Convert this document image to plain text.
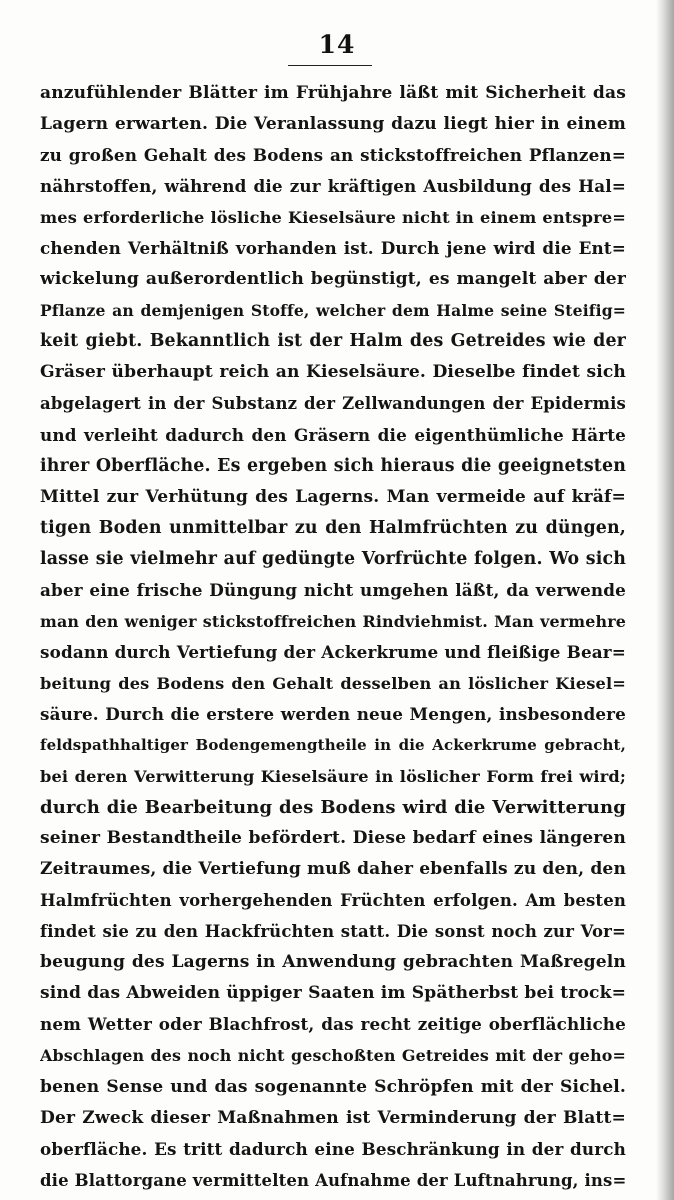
14
anzufühlender Blätter im Frühjahre läßt mit Sicherheit das
Lagern erwarten. Die Veranlassung dazu liegt hier in einem
zu großen Gehalt des Bodens an stickstoffreichen Pflanzen=
nährstoffen, während die zur kräftigen Ausbildung des Hal=
mes erforderliche lösliche Kieselsäure nicht in einem entspre=
chenden Verhältniß vorhanden ist. Durch jene wird die Ent=
wickelung außerordentlich begünstigt, es mangelt aber der
Pflanze an demjenigen Stoffe, welcher dem Halme seine Steifig=
keit giebt. Bekanntlich ist der Halm des Getreides wie der
Gräser überhaupt reich an Kieselsäure. Dieselbe findet sich
abgelagert in der Substanz der Zellwandungen der Epidermis
und verleiht dadurch den Gräsern die eigenthümliche Härte
ihrer Oberfläche. Es ergeben sich hieraus die geeignetsten
Mittel zur Verhütung des Lagerns. Man vermeide auf kräf=
tigen Boden unmittelbar zu den Halmfrüchten zu düngen,
lasse sie vielmehr auf gedüngte Vorfrüchte folgen. Wo sich
aber eine frische Düngung nicht umgehen läßt, da verwende
man den weniger stickstoffreichen Rindviehmist. Man vermehre
sodann durch Vertiefung der Ackerkrume und fleißige Bear=
beitung des Bodens den Gehalt desselben an löslicher Kiesel=
säure. Durch die erstere werden neue Mengen, insbesondere
feldspathhaltiger Bodengemengtheile in die Ackerkrume gebracht,
bei deren Verwitterung Kieselsäure in löslicher Form frei wird;
durch die Bearbeitung des Bodens wird die Verwitterung
seiner Bestandtheile befördert. Diese bedarf eines längeren
Zeitraumes, die Vertiefung muß daher ebenfalls zu den, den
Halmfrüchten vorhergehenden Früchten erfolgen. Am besten
findet sie zu den Hackfrüchten statt. Die sonst noch zur Vor=
beugung des Lagerns in Anwendung gebrachten Maßregeln
sind das Abweiden üppiger Saaten im Spätherbst bei trock=
nem Wetter oder Blachfrost, das recht zeitige oberflächliche
Abschlagen des noch nicht geschoßten Getreides mit der geho=
benen Sense und das sogenannte Schröpfen mit der Sichel.
Der Zweck dieser Maßnahmen ist Verminderung der Blatt=
oberfläche. Es tritt dadurch eine Beschränkung in der durch
die Blattorgane vermittelten Aufnahme der Luftnahrung, ins=
